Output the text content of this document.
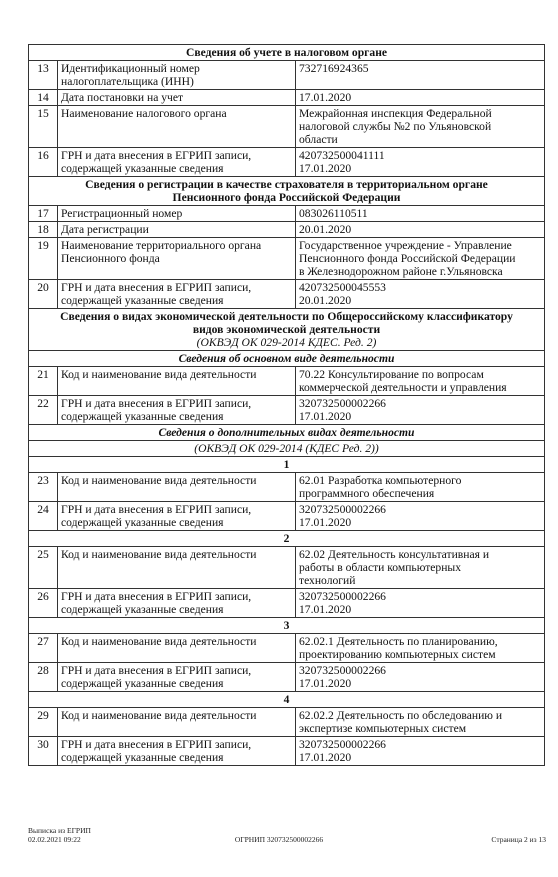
Сведения об учете в налоговом органе		
13	Идентификационный номер
налогоплательщика (ИНН)	732716924365

14	Дата постановки на учет	17.01.2020

15	Наименование налогового органа	Межрайонная инспекция Федеральной
налоговой службы №2 по Ульяновской
области

16	ГРН и дата внесения в ЕГРИП записи,
содержащей указанные сведения	420732500041111
17.01.2020

Сведения о регистрации в качестве страхователя в территориальном органе
Пенсионного фонда Российской Федерации		

17	Регистрационный номер	083026110511

18	Дата регистрации	20.01.2020

19	Наименование территориального органа
Пенсионного фонда	Государственное учреждение - Управление
Пенсионного фонда Российской Федерации
в Железнодорожном районе г.Ульяновска

20	ГРН и дата внесения в ЕГРИП записи,
содержащей указанные сведения	420732500045553
20.01.2020

Сведения о видах экономической деятельности по Общероссийскому классификатору
видов экономической деятельности
(ОКВЭД ОК 029-2014 КДЕС. Ред. 2)		

Сведения об основном виде деятельности		
21	Код и наименование вида деятельности	70.22 Консультирование по вопросам
коммерческой деятельности и управления

22	ГРН и дата внесения в ЕГРИП записи,
содержащей указанные сведения	320732500002266
17.01.2020

Сведения о дополнительных видах деятельности		
(ОКВЭД ОК 029-2014 (КДЕС Ред. 2))		
1		
23	Код и наименование вида деятельности	62.01 Разработка компьютерного
программного обеспечения

24	ГРН и дата внесения в ЕГРИП записи,
содержащей указанные сведения	320732500002266
17.01.2020

2		
25	Код и наименование вида деятельности	62.02 Деятельность консультативная и
работы в области компьютерных
технологий

26	ГРН и дата внесения в ЕГРИП записи,
содержащей указанные сведения	320732500002266
17.01.2020

3		
27	Код и наименование вида деятельности	62.02.1 Деятельность по планированию,
проектированию компьютерных систем

28	ГРН и дата внесения в ЕГРИП записи,
содержащей указанные сведения	320732500002266
17.01.2020

4		
29	Код и наименование вида деятельности	62.02.2 Деятельность по обследованию и
экспертизе компьютерных систем

30	ГРН и дата внесения в ЕГРИП записи,
содержащей указанные сведения	320732500002266
17.01.2020
Выписка из ЕГРИП
02.02.2021 09:22	ОГРНИП 320732500002266	Страница 2 из 13
